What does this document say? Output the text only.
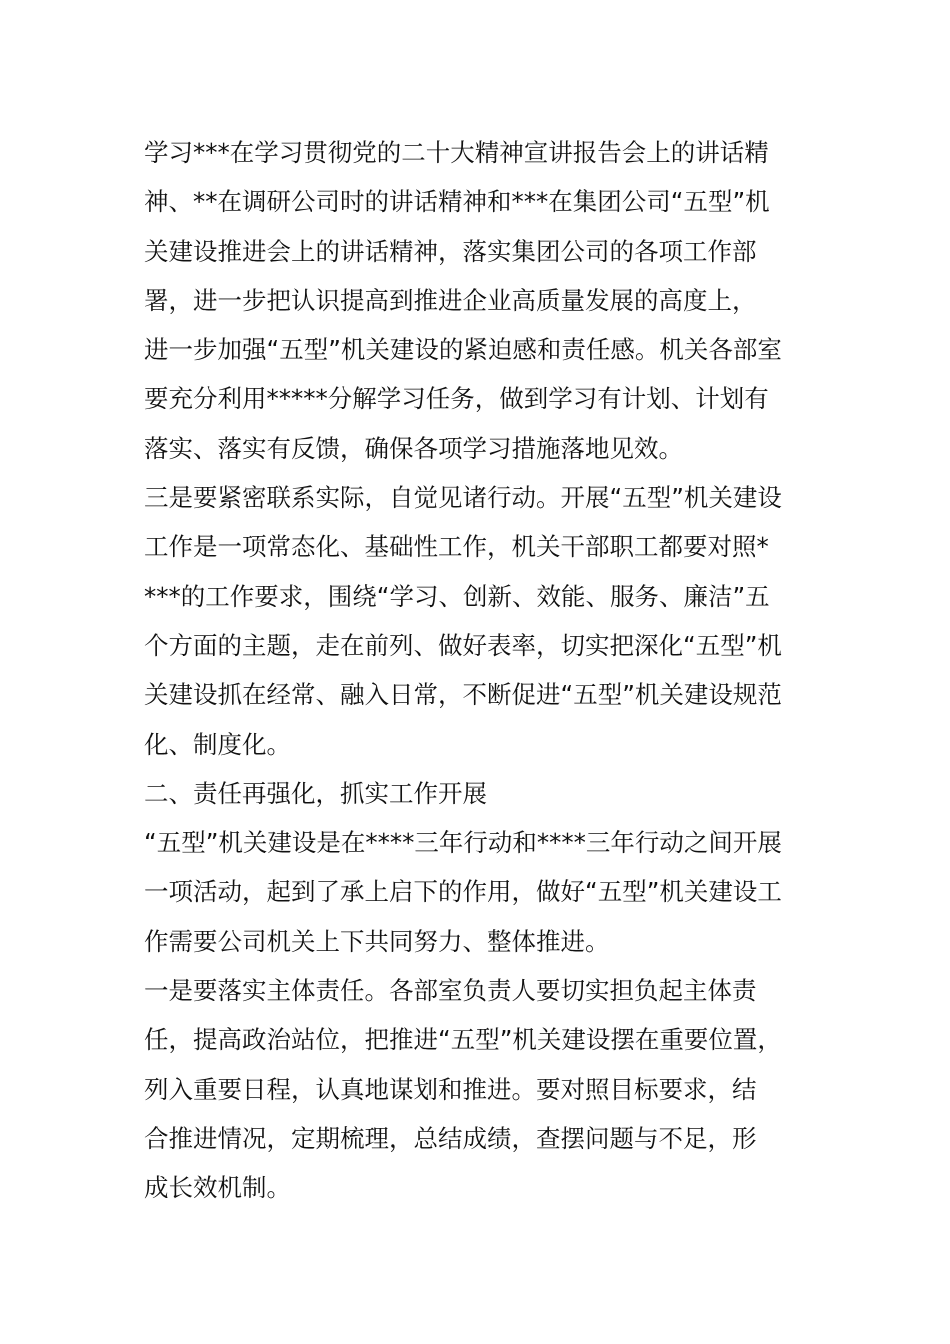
学习***在学习贯彻党的二十大精神宣讲报告会上的讲话精
神、**在调研公司时的讲话精神和***在集团公司“五型”机
关建设推进会上的讲话精神，落实集团公司的各项工作部
署，进一步把认识提高到推进企业高质量发展的高度上，
进一步加强“五型”机关建设的紧迫感和责任感。机关各部室
要充分利用*****分解学习任务，做到学习有计划、计划有
落实、落实有反馈，确保各项学习措施落地见效。

三是要紧密联系实际，自觉见诸行动。开展“五型”机关建设
工作是一项常态化、基础性工作，机关干部职工都要对照*
***的工作要求，围绕“学习、创新、效能、服务、廉洁”五
个方面的主题，走在前列、做好表率，切实把深化“五型”机
关建设抓在经常、融入日常，不断促进“五型”机关建设规范
化、制度化。

二、责任再强化，抓实工作开展

“五型”机关建设是在****三年行动和****三年行动之间开展
一项活动，起到了承上启下的作用，做好“五型”机关建设工
作需要公司机关上下共同努力、整体推进。

一是要落实主体责任。各部室负责人要切实担负起主体责
任，提高政治站位，把推进“五型”机关建设摆在重要位置，
列入重要日程，认真地谋划和推进。要对照目标要求，结
合推进情况，定期梳理，总结成绩，查摆问题与不足，形
成长效机制。
